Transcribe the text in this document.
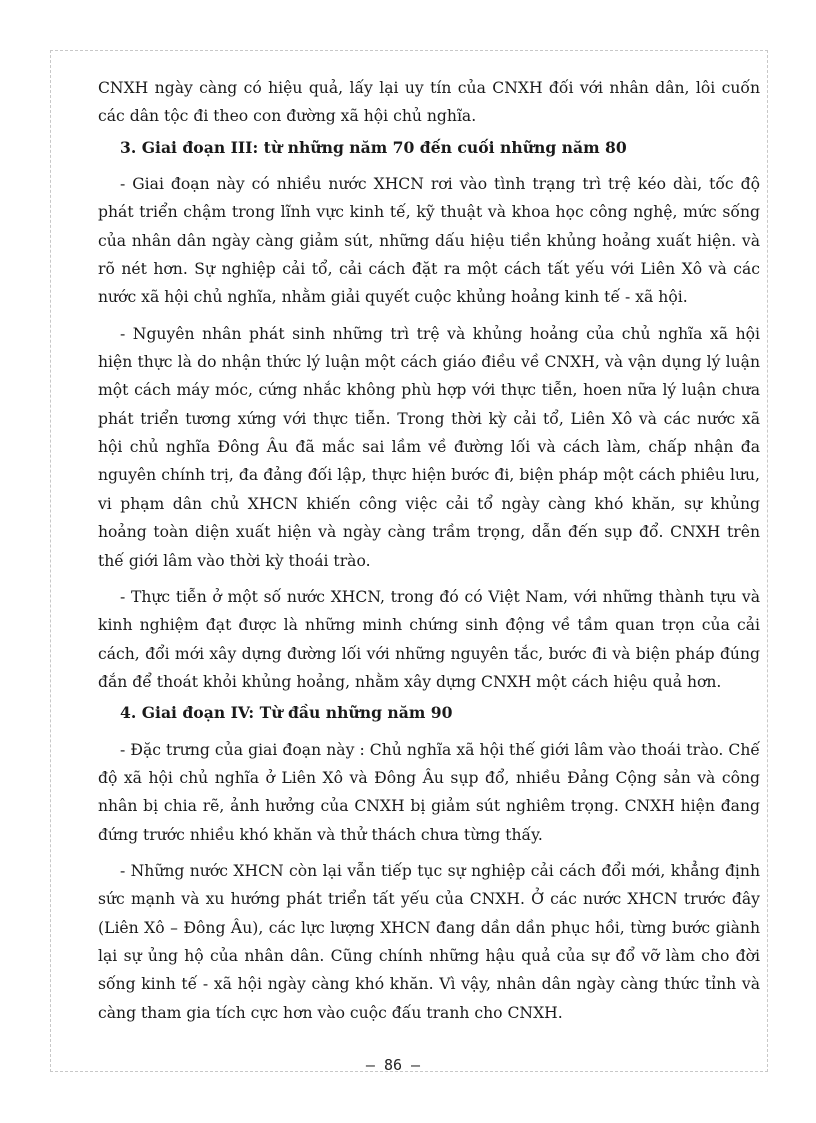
CNXH ngày càng có hiệu quả, lấy lại uy tín của CNXH đối với nhân dân, lôi cuốn các dân tộc đi theo con đường xã hội chủ nghĩa.

3. Giai đoạn III: từ những năm 70 đến cuối những năm 80

- Giai đoạn này có nhiều nước XHCN rơi vào tình trạng trì trệ kéo dài, tốc độ phát triển chậm trong lĩnh vực kinh tế, kỹ thuật và khoa học công nghệ, mức sống của nhân dân ngày càng giảm sút, những dấu hiệu tiền khủng hoảng xuất hiện. và rõ nét hơn. Sự nghiệp cải tổ, cải cách đặt ra một cách tất yếu với Liên Xô và các nước xã hội chủ nghĩa, nhằm giải quyết cuộc khủng hoảng kinh tế - xã hội.

- Nguyên nhân phát sinh những trì trệ và khủng hoảng của chủ nghĩa xã hội hiện thực là do nhận thức lý luận một cách giáo điều về CNXH, và vận dụng lý luận một cách máy móc, cứng nhắc không phù hợp với thực tiễn, hoen nữa lý luận chưa phát triển tương xứng với thực tiễn. Trong thời kỳ cải tổ, Liên Xô và các nước xã hội chủ nghĩa Đông Âu đã mắc sai lầm về đường lối và cách làm, chấp nhận đa nguyên chính trị, đa đảng đối lập, thực hiện bước đi, biện pháp một cách phiêu lưu, vi phạm dân chủ XHCN khiến công việc cải tổ ngày càng khó khăn, sự khủng hoảng toàn diện xuất hiện và ngày càng trầm trọng, dẫn đến sụp đổ. CNXH trên thế giới lâm vào thời kỳ thoái trào.

- Thực tiễn ở một số nước XHCN, trong đó có Việt Nam, với những thành tựu và kinh nghiệm đạt được là những minh chứng sinh động về tầm quan trọn của cải cách, đổi mới xây dựng đường lối với những nguyên tắc, bước đi và biện pháp đúng đắn để thoát khỏi khủng hoảng, nhằm xây dựng CNXH một cách hiệu quả hơn.

4. Giai đoạn IV: Từ đầu những năm 90

- Đặc trưng của giai đoạn này : Chủ nghĩa xã hội thế giới lâm vào thoái trào. Chế độ xã hội chủ nghĩa ở Liên Xô và Đông Âu sụp đổ, nhiều Đảng Cộng sản và công nhân bị chia rẽ, ảnh hưởng của CNXH bị giảm sút nghiêm trọng. CNXH hiện đang đứng trước nhiều khó khăn và thử thách chưa từng thấy.

- Những nước XHCN còn lại vẫn tiếp tục sự nghiệp cải cách đổi mới, khẳng định sức mạnh và xu hướng phát triển tất yếu của CNXH. Ở các nước XHCN trước đây (Liên Xô – Đông Âu), các lực lượng XHCN đang dần dần phục hồi, từng bước giành lại sự ủng hộ của nhân dân. Cũng chính những hậu quả của sự đổ vỡ làm cho đời sống kinh tế - xã hội ngày càng khó khăn. Vì vậy, nhân dân ngày càng thức tỉnh và càng tham gia tích cực hơn vào cuộc đấu tranh cho CNXH.

– 86 –
